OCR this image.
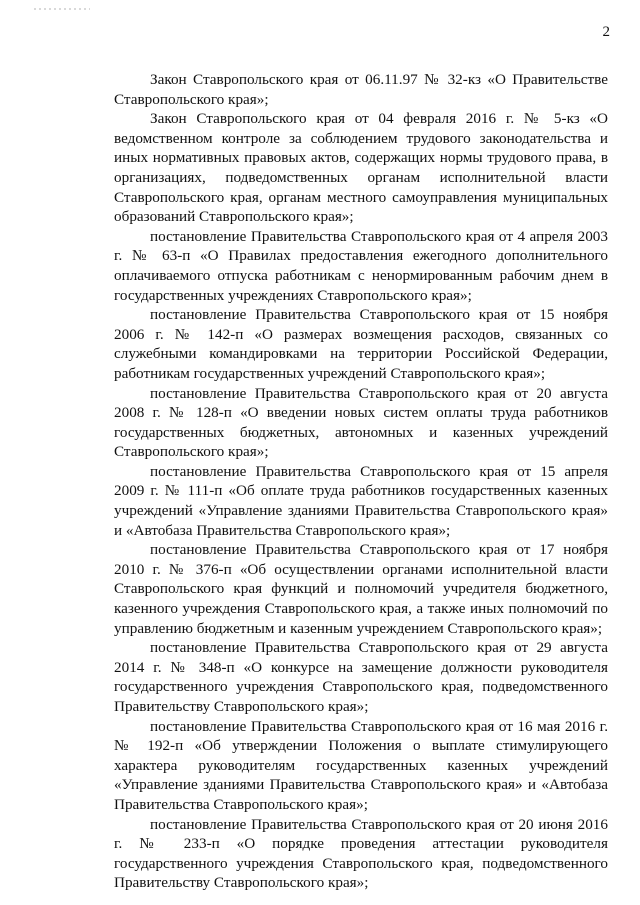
2

Закон Ставропольского края от 06.11.97 № 32-кз «О Правительстве Ставропольского края»;

Закон Ставропольского края от 04 февраля 2016 г. № 5-кз «О ведомственном контроле за соблюдением трудового законодательства и иных нормативных правовых актов, содержащих нормы трудового права, в организациях, подведомственных органам исполнительной власти Ставропольского края, органам местного самоуправления муниципальных образований Ставропольского края»;

постановление Правительства Ставропольского края от 4 апреля 2003 г. № 63-п «О Правилах предоставления ежегодного дополнительного оплачиваемого отпуска работникам с ненормированным рабочим днем в государственных учреждениях Ставропольского края»;

постановление Правительства Ставропольского края от 15 ноября 2006 г. № 142-п «О размерах возмещения расходов, связанных со служебными командировками на территории Российской Федерации, работникам государственных учреждений Ставропольского края»;

постановление Правительства Ставропольского края от 20 августа 2008 г. № 128-п «О введении новых систем оплаты труда работников государственных бюджетных, автономных и казенных учреждений Ставропольского края»;

постановление Правительства Ставропольского края от 15 апреля 2009 г. № 111-п «Об оплате труда работников государственных казенных учреждений «Управление зданиями Правительства Ставропольского края» и «Автобаза Правительства Ставропольского края»;

постановление Правительства Ставропольского края от 17 ноября 2010 г. № 376-п «Об осуществлении органами исполнительной власти Ставропольского края функций и полномочий учредителя бюджетного, казенного учреждения Ставропольского края, а также иных полномочий по управлению бюджетным и казенным учреждением Ставропольского края»;

постановление Правительства Ставропольского края от 29 августа 2014 г. № 348-п «О конкурсе на замещение должности руководителя государственного учреждения Ставропольского края, подведомственного Правительству Ставропольского края»;

постановление Правительства Ставропольского края от 16 мая 2016 г. № 192-п «Об утверждении Положения о выплате стимулирующего характера руководителям государственных казенных учреждений «Управление зданиями Правительства Ставропольского края» и «Автобаза Правительства Ставропольского края»;

постановление Правительства Ставропольского края от 20 июня 2016 г. № 233-п «О порядке проведения аттестации руководителя государственного учреждения Ставропольского края, подведомственного Правительству Ставропольского края»;
